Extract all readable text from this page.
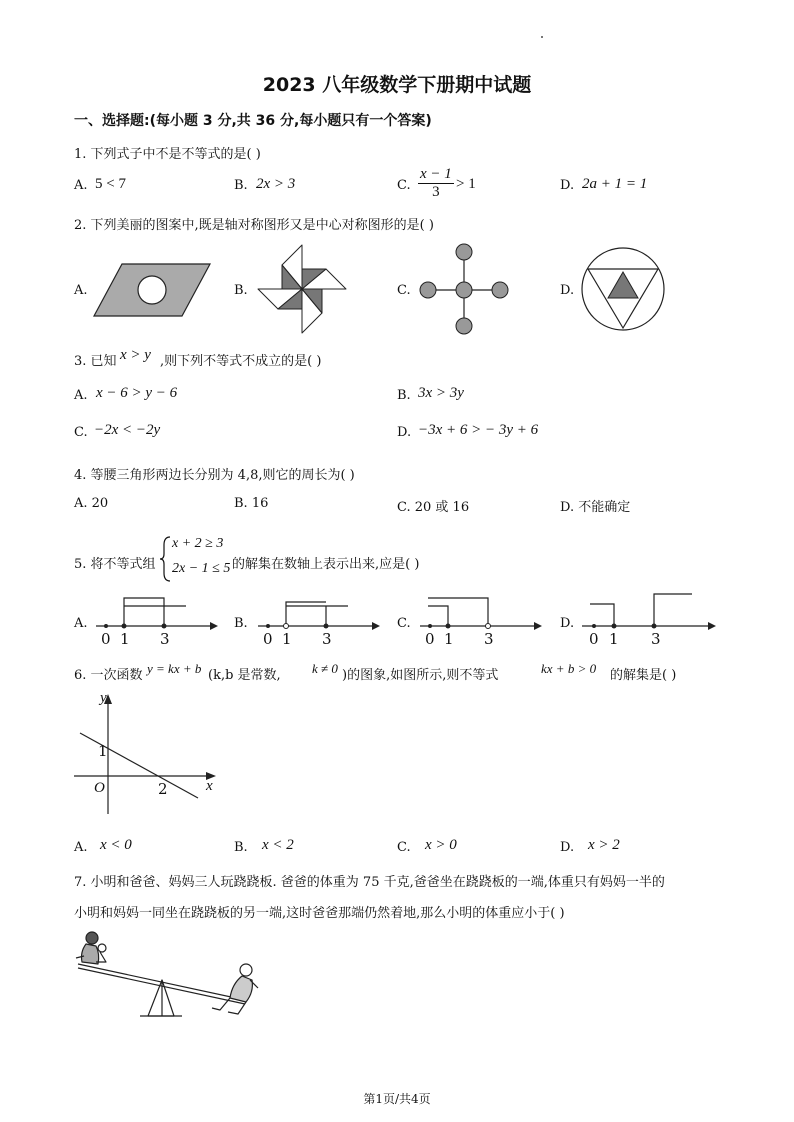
2023 八年级数学下册期中试题
一、选择题:(每小题 3 分,共 36 分,每小题只有一个答案)
1. 下列式子中不是不等式的是( )
A. 5 < 7	B. 2x > 3	C. $\frac{x - 1}{3} > 1$	D. 2a + 1 = 1
2. 下列美丽的图案中,既是轴对称图形又是中心对称图形的是( )
A.	B.	C.	D.
3. 已知 x > y ,则下列不等式不成立的是( )
A. x − 6 > y − 6	B. 3x > 3y
C. −2x < −2y	D. −3x + 6 > − 3y + 6
4. 等腰三角形两边长分别为 4,8,则它的周长为( )
A. 20	B. 16	C. 20 或 16	D. 不能确定
5. 将不等式组
x + 2 ≥ 3
2x − 1 ≤ 5 的解集在数轴上表示出来,应是( )
A.
0 1 3
B.
0 1 3
C.
0 1 3
D.
0 1 3
6. 一次函数 y = kx + b (k,b 是常数, k ≠ 0 )的图象,如图所示,则不等式	kx + b > 0 的解集是( )
y
x
O
1
2
A. x < 0	B. x < 2	C. x > 0	D. x > 2
7. 小明和爸爸、妈妈三人玩跷跷板. 爸爸的体重为 75 千克,爸爸坐在跷跷板的一端,体重只有妈妈一半的
小明和妈妈一同坐在跷跷板的另一端,这时爸爸那端仍然着地,那么小明的体重应小于( )
第1页/共4页
